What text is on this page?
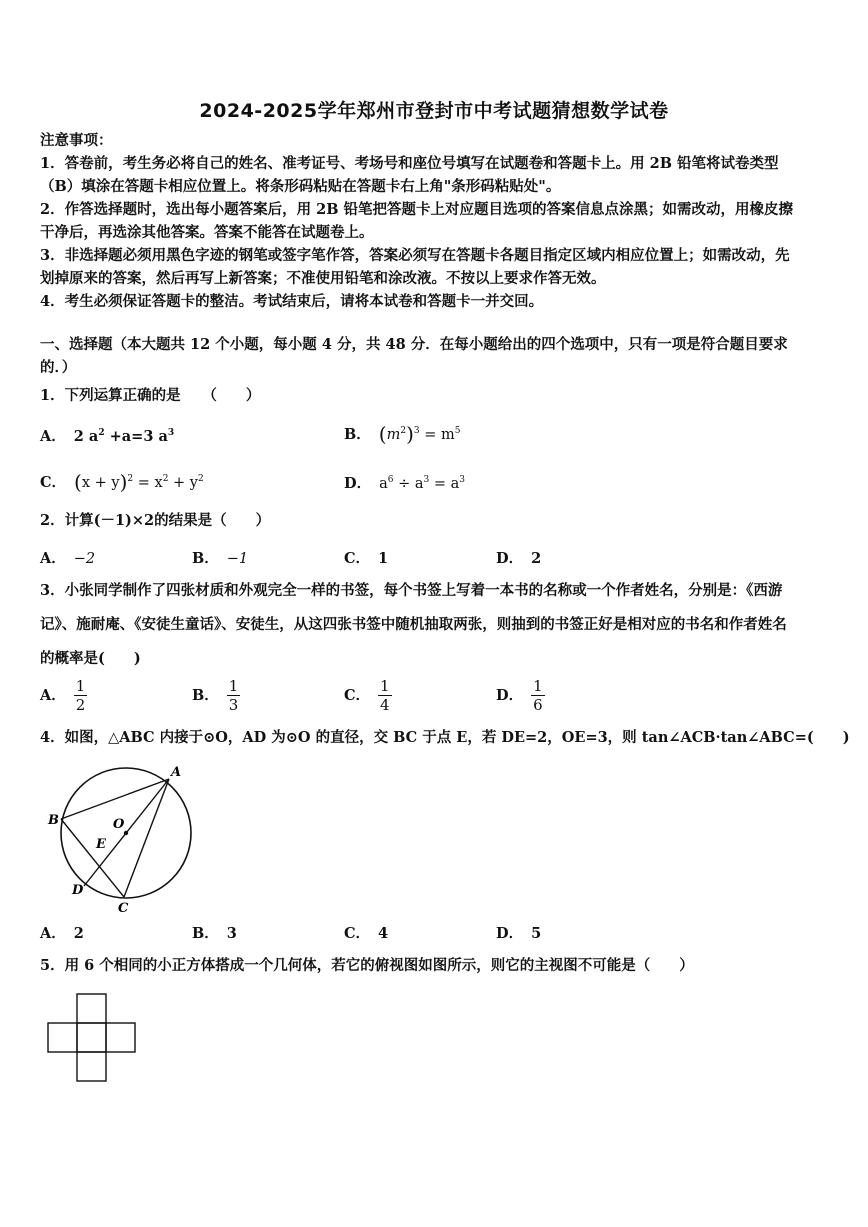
2024-2025学年郑州市登封市中考试题猜想数学试卷
注意事项：
1．答卷前，考生务必将自己的姓名、准考证号、考场号和座位号填写在试题卷和答题卡上。用 2B 铅笔将试卷类型
（B）填涂在答题卡相应位置上。将条形码粘贴在答题卡右上角"条形码粘贴处"。
2．作答选择题时，选出每小题答案后，用 2B 铅笔把答题卡上对应题目选项的答案信息点涂黑；如需改动，用橡皮擦
干净后，再选涂其他答案。答案不能答在试题卷上。
3．非选择题必须用黑色字迹的钢笔或签字笔作答，答案必须写在答题卡各题目指定区域内相应位置上；如需改动，先
划掉原来的答案，然后再写上新答案；不准使用铅笔和涂改液。不按以上要求作答无效。
4．考生必须保证答题卡的整洁。考试结束后，请将本试卷和答题卡一并交回。
一、选择题（本大题共 12 个小题，每小题 4 分，共 48 分．在每小题给出的四个选项中，只有一项是符合题目要求
的．）
1．下列运算正确的是　　（　　）
A． 2 $a^2 +a=3$ $a^3$	B． $(m^2)^3 = m^5$
C． $(x + y)^2 = x^2 + y^2$	D． $a^6 \div a^3 = a^3$
2．计算(－1)×2的结果是（　　）
A． −2	B． −1	C． 1	D． 2
3．小张同学制作了四张材质和外观完全一样的书签，每个书签上写着一本书的名称或一个作者姓名，分别是：《西游
记》、施耐庵、《安徒生童话》、安徒生，从这四张书签中随机抽取两张，则抽到的书签正好是相对应的书名和作者姓名
的概率是(　　)
A． $\frac{1}{2}$	B． $\frac{1}{3}$	C． $\frac{1}{4}$	D． $\frac{1}{6}$
4．如图，△ABC 内接于⊙O，AD 为⊙O 的直径，交 BC 于点 E，若 DE=2，OE=3，则 tan∠ACB·tan∠ABC=(　　)
A
B	O
E
D
C
A． 2	B． 3	C． 4	D． 5
5．用 6 个相同的小正方体搭成一个几何体，若它的俯视图如图所示，则它的主视图不可能是（　　）
